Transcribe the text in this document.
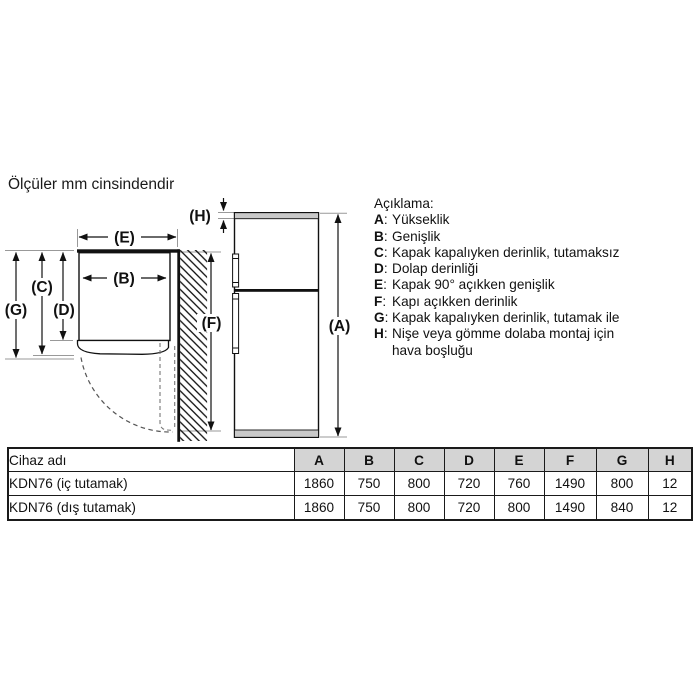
Ölçüler mm cinsindendir
(E)
(B)
(G)
(C)
(D)
(F)	(A)
(H)
Açıklama:
A: Yükseklik
B: Genişlik
C: Kapak kapalıyken derinlik, tutamaksız
D: Dolap derinliği
E: Kapak 90° açıkken genişlik
F: Kapı açıkken derinlik
G: Kapak kapalıyken derinlik, tutamak ile
H: Nişe veya gömme dolaba montaj için
hava boşluğu
Cihaz adı	A	B	C	D	E	F	G	H
KDN76 (iç tutamak)	1860	750	800	720	760	1490	800	12
KDN76 (dış tutamak)	1860	750	800	720	800	1490	840	12
